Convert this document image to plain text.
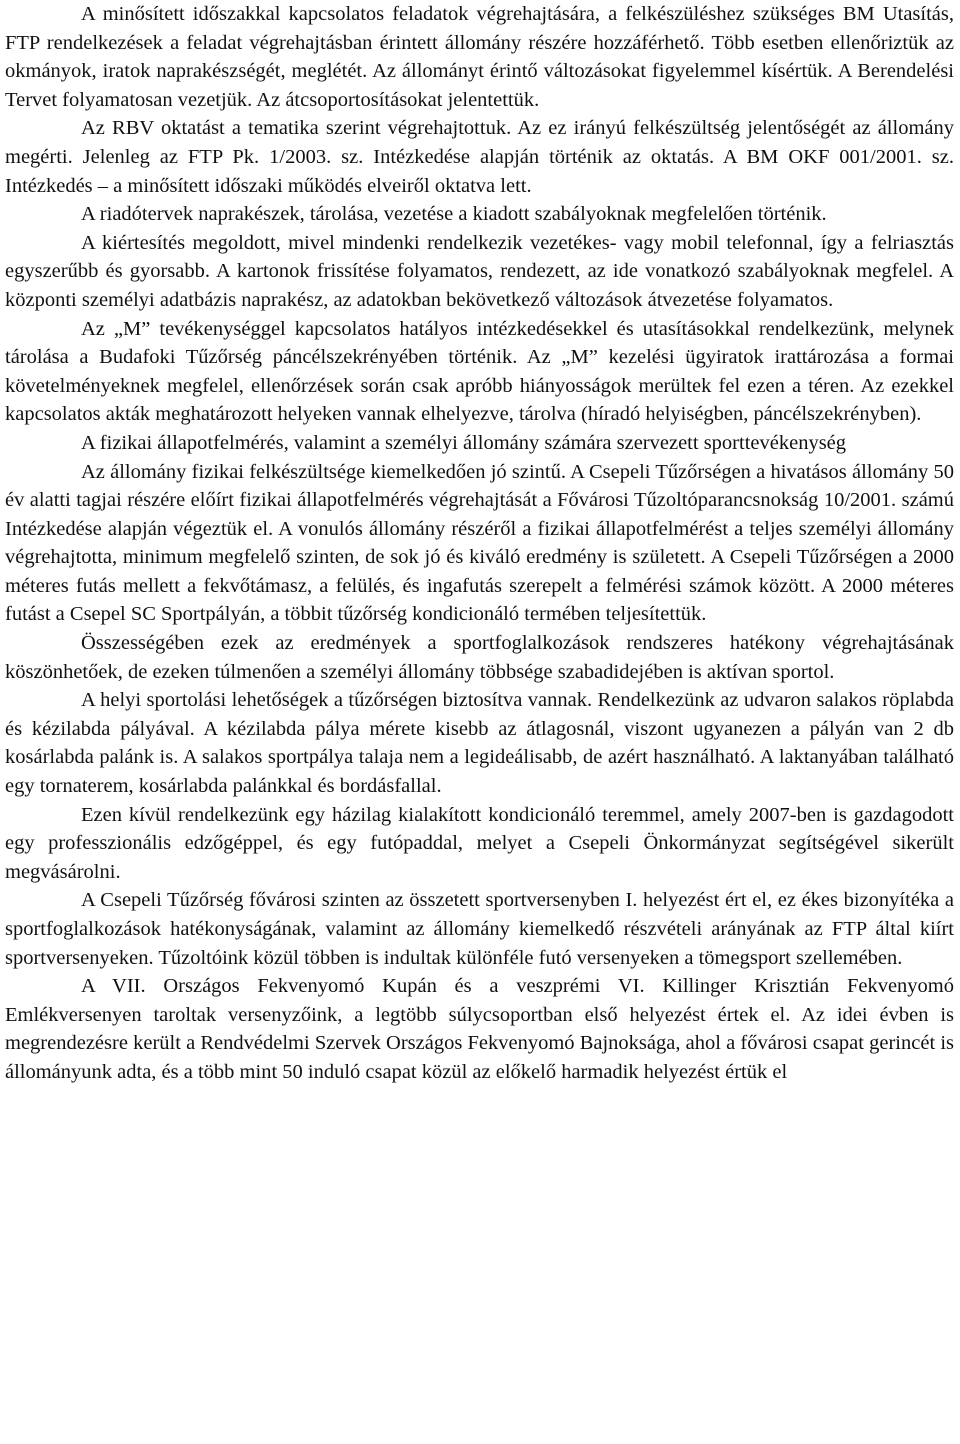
A minősített időszakkal kapcsolatos feladatok végrehajtására, a felkészüléshez szükséges BM Utasítás, FTP rendelkezések a feladat végrehajtásban érintett állomány részére hozzáférhető. Több esetben ellenőriztük az okmányok, iratok naprakészségét, meglétét. Az állományt érintő változásokat figyelemmel kísértük. A Berendelési Tervet folyamatosan vezetjük. Az átcsoportosításokat jelentettük.

Az RBV oktatást a tematika szerint végrehajtottuk. Az ez irányú felkészültség jelentőségét az állomány megérti. Jelenleg az FTP Pk. 1/2003. sz. Intézkedése alapján történik az oktatás. A BM OKF 001/2001. sz. Intézkedés – a minősített időszaki működés elveiről oktatva lett.

A riadótervek naprakészek, tárolása, vezetése a kiadott szabályoknak megfelelően történik.

A kiértesítés megoldott, mivel mindenki rendelkezik vezetékes- vagy mobil telefonnal, így a felriasztás egyszerűbb és gyorsabb. A kartonok frissítése folyamatos, rendezett, az ide vonatkozó szabályoknak megfelel. A központi személyi adatbázis naprakész, az adatokban bekövetkező változások átvezetése folyamatos.

Az „M” tevékenységgel kapcsolatos hatályos intézkedésekkel és utasításokkal rendelkezünk, melynek tárolása a Budafoki Tűzőrség páncélszekrényében történik. Az „M” kezelési ügyiratok irattározása a formai követelményeknek megfelel, ellenőrzések során csak apróbb hiányosságok merültek fel ezen a téren. Az ezekkel kapcsolatos akták meghatározott helyeken vannak elhelyezve, tárolva (híradó helyiségben, páncélszekrényben).

A fizikai állapotfelmérés, valamint a személyi állomány számára szervezett sporttevékenység

Az állomány fizikai felkészültsége kiemelkedően jó szintű. A Csepeli Tűzőrségen a hivatásos állomány 50 év alatti tagjai részére előírt fizikai állapotfelmérés végrehajtását a Fővárosi Tűzoltóparancsnokság 10/2001. számú Intézkedése alapján végeztük el. A vonulós állomány részéről a fizikai állapotfelmérést a teljes személyi állomány végrehajtotta, minimum megfelelő szinten, de sok jó és kiváló eredmény is született. A Csepeli Tűzőrségen a 2000 méteres futás mellett a fekvőtámasz, a felülés, és ingafutás szerepelt a felmérési számok között. A 2000 méteres futást a Csepel SC Sportpályán, a többit tűzőrség kondicionáló termében teljesítettük.

Összességében ezek az eredmények a sportfoglalkozások rendszeres hatékony végrehajtásának köszönhetőek, de ezeken túlmenően a személyi állomány többsége szabadidejében is aktívan sportol.

A helyi sportolási lehetőségek a tűzőrségen biztosítva vannak. Rendelkezünk az udvaron salakos röplabda és kézilabda pályával. A kézilabda pálya mérete kisebb az átlagosnál, viszont ugyanezen a pályán van 2 db kosárlabda palánk is. A salakos sportpálya talaja nem a legideálisabb, de azért használható. A laktanyában található egy tornaterem, kosárlabda palánkkal és bordásfallal.

Ezen kívül rendelkezünk egy házilag kialakított kondicionáló teremmel, amely 2007-ben is gazdagodott egy professzionális edzőgéppel, és egy futópaddal, melyet a Csepeli Önkormányzat segítségével sikerült megvásárolni.

A Csepeli Tűzőrség fővárosi szinten az összetett sportversenyben I. helyezést ért el, ez ékes bizonyítéka a sportfoglalkozások hatékonyságának, valamint az állomány kiemelkedő részvételi arányának az FTP által kiírt sportversenyeken. Tűzoltóink közül többen is indultak különféle futó versenyeken a tömegsport szellemében.

A VII. Országos Fekvenyomó Kupán és a veszprémi VI. Killinger Krisztián Fekvenyomó Emlékversenyen taroltak versenyzőink, a legtöbb súlycsoportban első helyezést értek el. Az idei évben is megrendezésre került a Rendvédelmi Szervek Országos Fekvenyomó Bajnoksága, ahol a fővárosi csapat gerincét is állományunk adta, és a több mint 50 induló csapat közül az előkelő harmadik helyezést értük el
